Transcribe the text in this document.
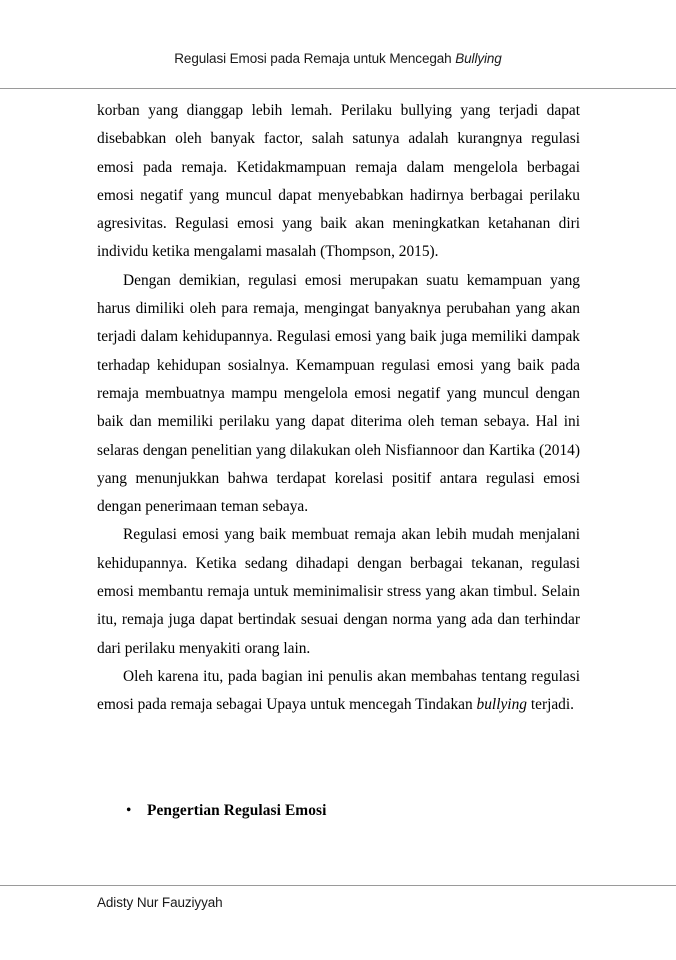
Regulasi Emosi pada Remaja untuk Mencegah Bullying

korban yang dianggap lebih lemah. Perilaku bullying yang terjadi dapat disebabkan oleh banyak factor, salah satunya adalah kurangnya regulasi emosi pada remaja. Ketidakmampuan remaja dalam mengelola berbagai emosi negatif yang muncul dapat menyebabkan hadirnya berbagai perilaku agresivitas. Regulasi emosi yang baik akan meningkatkan ketahanan diri individu ketika mengalami masalah (Thompson, 2015).

Dengan demikian, regulasi emosi merupakan suatu kemampuan yang harus dimiliki oleh para remaja, mengingat banyaknya perubahan yang akan terjadi dalam kehidupannya. Regulasi emosi yang baik juga memiliki dampak terhadap kehidupan sosialnya. Kemampuan regulasi emosi yang baik pada remaja membuatnya mampu mengelola emosi negatif yang muncul dengan baik dan memiliki perilaku yang dapat diterima oleh teman sebaya. Hal ini selaras dengan penelitian yang dilakukan oleh Nisfiannoor dan Kartika (2014) yang menunjukkan bahwa terdapat korelasi positif antara regulasi emosi dengan penerimaan teman sebaya.

Regulasi emosi yang baik membuat remaja akan lebih mudah menjalani kehidupannya. Ketika sedang dihadapi dengan berbagai tekanan, regulasi emosi membantu remaja untuk meminimalisir stress yang akan timbul. Selain itu, remaja juga dapat bertindak sesuai dengan norma yang ada dan terhindar dari perilaku menyakiti orang lain.

Oleh karena itu, pada bagian ini penulis akan membahas tentang regulasi emosi pada remaja sebagai Upaya untuk mencegah Tindakan bullying terjadi.

•	Pengertian Regulasi Emosi
Adisty Nur Fauziyyah
